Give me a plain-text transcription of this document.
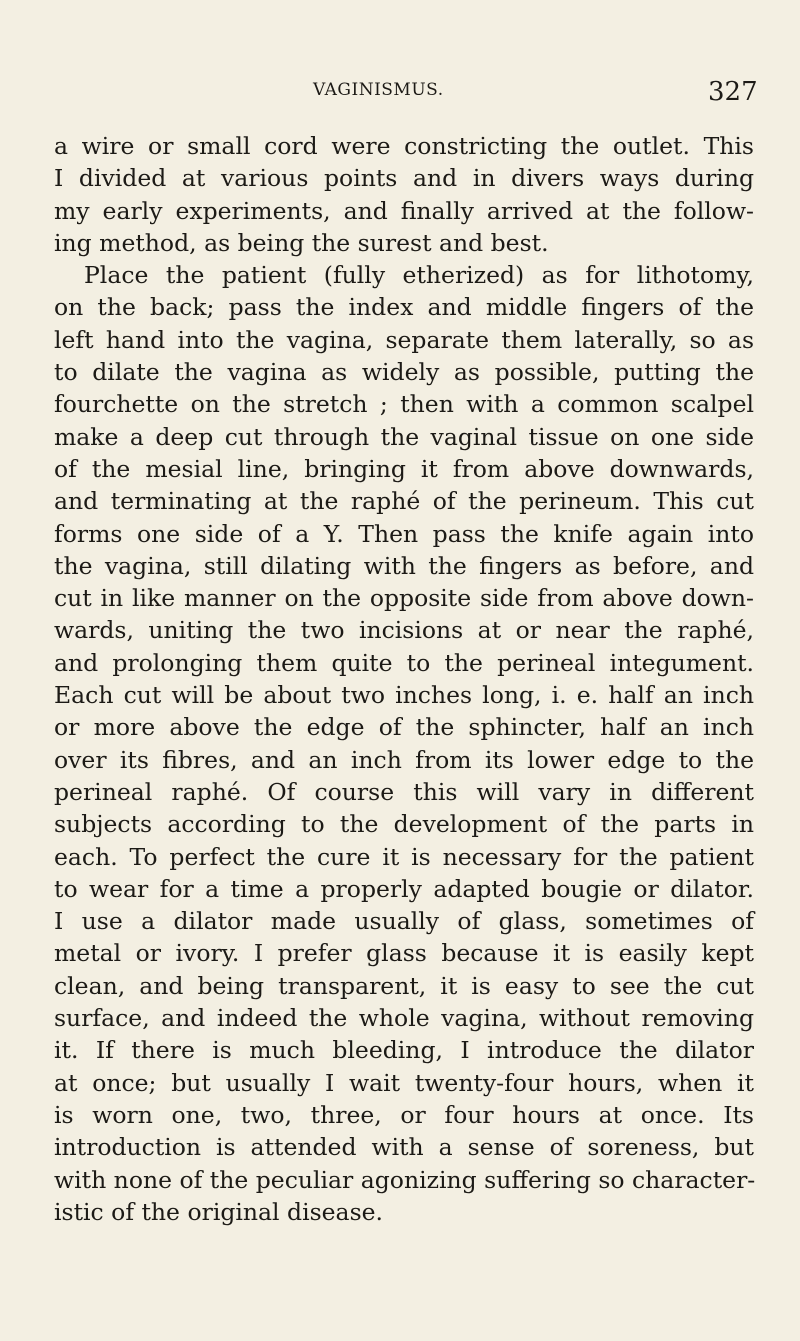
VAGINISMUS.	327
a wire or small cord were constricting the outlet. This
I divided at various points and in divers ways during
my early experiments, and finally arrived at the follow-
ing method, as being the surest and best.
Place the patient (fully etherized) as for lithotomy,
on the back; pass the index and middle fingers of the
left hand into the vagina, separate them laterally, so as
to dilate the vagina as widely as possible, putting the
fourchette on the stretch ; then with a common scalpel
make a deep cut through the vaginal tissue on one side
of the mesial line, bringing it from above downwards,
and terminating at the raphé of the perineum. This cut
forms one side of a Y. Then pass the knife again into
the vagina, still dilating with the fingers as before, and
cut in like manner on the opposite side from above down-
wards, uniting the two incisions at or near the raphé,
and prolonging them quite to the perineal integument.
Each cut will be about two inches long, i. e. half an inch
or more above the edge of the sphincter, half an inch
over its fibres, and an inch from its lower edge to the
perineal raphé. Of course this will vary in different
subjects according to the development of the parts in
each. To perfect the cure it is necessary for the patient
to wear for a time a properly adapted bougie or dilator.
I use a dilator made usually of glass, sometimes of
metal or ivory. I prefer glass because it is easily kept
clean, and being transparent, it is easy to see the cut
surface, and indeed the whole vagina, without removing
it. If there is much bleeding, I introduce the dilator
at once; but usually I wait twenty-four hours, when it
is worn one, two, three, or four hours at once. Its
introduction is attended with a sense of soreness, but
with none of the peculiar agonizing suffering so character-
istic of the original disease.
